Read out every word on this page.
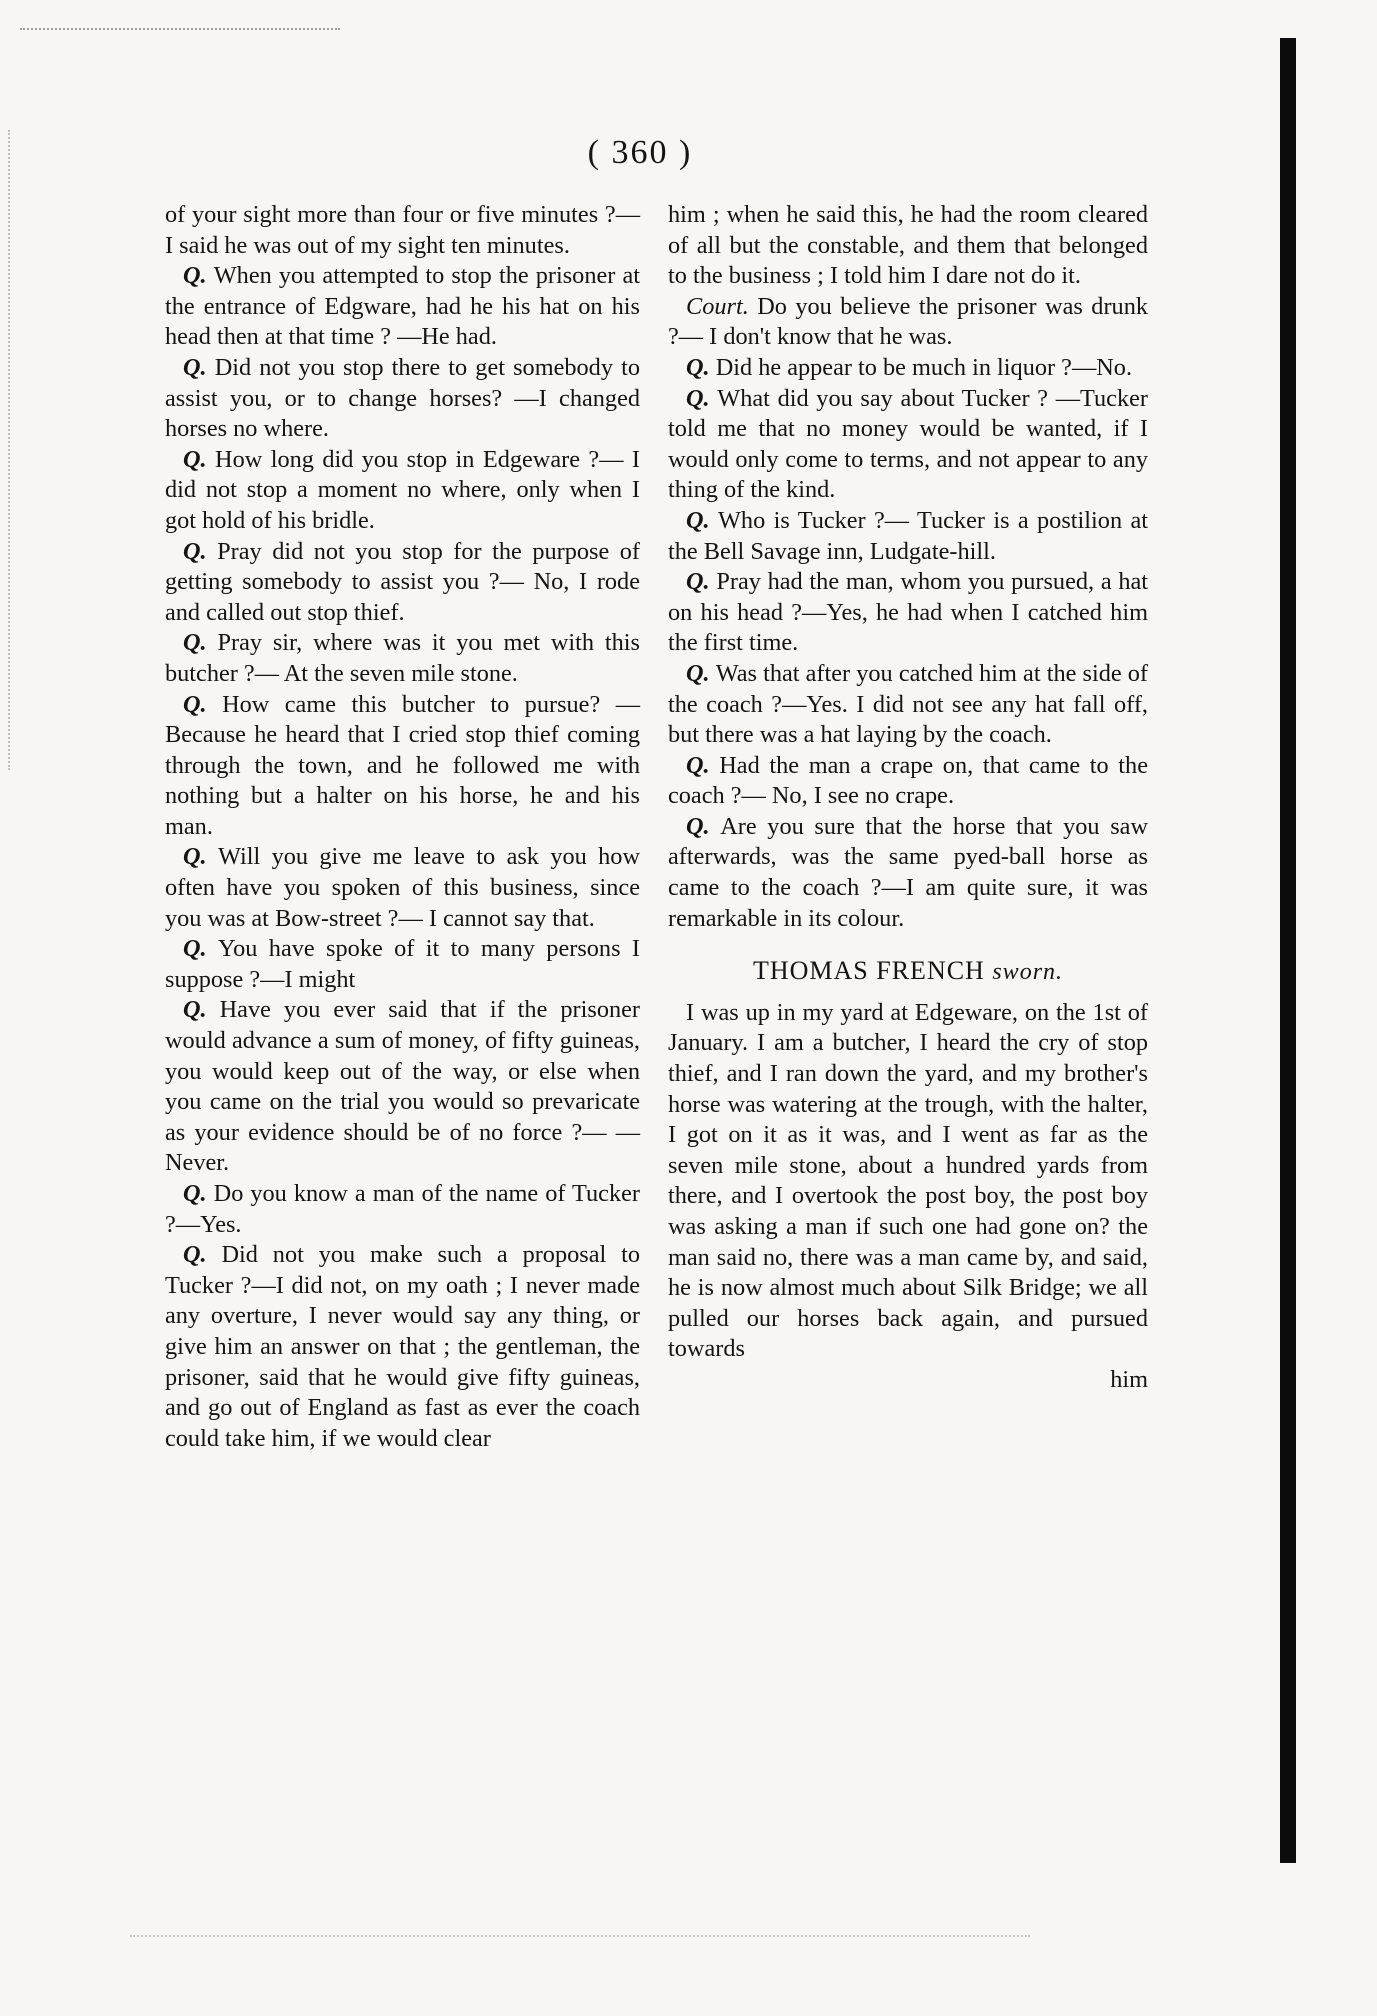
( 360 )

of your sight more than four or five minutes ?—I said he was out of my sight ten minutes.

Q. When you attempted to stop the prisoner at the entrance of Edgware, had he his hat on his head then at that time ? —He had.

Q. Did not you stop there to get somebody to assist you, or to change horses? —I changed horses no where.

Q. How long did you stop in Edgeware ?— I did not stop a moment no where, only when I got hold of his bridle.

Q. Pray did not you stop for the purpose of getting somebody to assist you ?— No, I rode and called out stop thief.

Q. Pray sir, where was it you met with this butcher ?— At the seven mile stone.

Q. How came this butcher to pursue? —Because he heard that I cried stop thief coming through the town, and he followed me with nothing but a halter on his horse, he and his man.

Q. Will you give me leave to ask you how often have you spoken of this business, since you was at Bow-street ?— I cannot say that.

Q. You have spoke of it to many persons I suppose ?—I might

Q. Have you ever said that if the prisoner would advance a sum of money, of fifty guineas, you would keep out of the way, or else when you came on the trial you would so prevaricate as your evidence should be of no force ?— —Never.

Q. Do you know a man of the name of Tucker ?—Yes.

Q. Did not you make such a proposal to Tucker ?—I did not, on my oath ; I never made any overture, I never would say any thing, or give him an answer on that ; the gentleman, the prisoner, said that he would give fifty guineas, and go out of England as fast as ever the coach could take him, if we would clear

him ; when he said this, he had the room cleared of all but the constable, and them that belonged to the business ; I told him I dare not do it.

Court. Do you believe the prisoner was drunk ?— I don't know that he was.

Q. Did he appear to be much in liquor ?—No.

Q. What did you say about Tucker ? —Tucker told me that no money would be wanted, if I would only come to terms, and not appear to any thing of the kind.

Q. Who is Tucker ?— Tucker is a postilion at the Bell Savage inn, Ludgate-hill.

Q. Pray had the man, whom you pursued, a hat on his head ?—Yes, he had when I catched him the first time.

Q. Was that after you catched him at the side of the coach ?—Yes. I did not see any hat fall off, but there was a hat laying by the coach.

Q. Had the man a crape on, that came to the coach ?— No, I see no crape.

Q. Are you sure that the horse that you saw afterwards, was the same pyed-ball horse as came to the coach ?—I am quite sure, it was remarkable in its colour.

THOMAS FRENCH sworn.

I was up in my yard at Edgeware, on the 1st of January. I am a butcher, I heard the cry of stop thief, and I ran down the yard, and my brother's horse was watering at the trough, with the halter, I got on it as it was, and I went as far as the seven mile stone, about a hundred yards from there, and I overtook the post boy, the post boy was asking a man if such one had gone on? the man said no, there was a man came by, and said, he is now almost much about Silk Bridge; we all pulled our horses back again, and pursued towards

him
